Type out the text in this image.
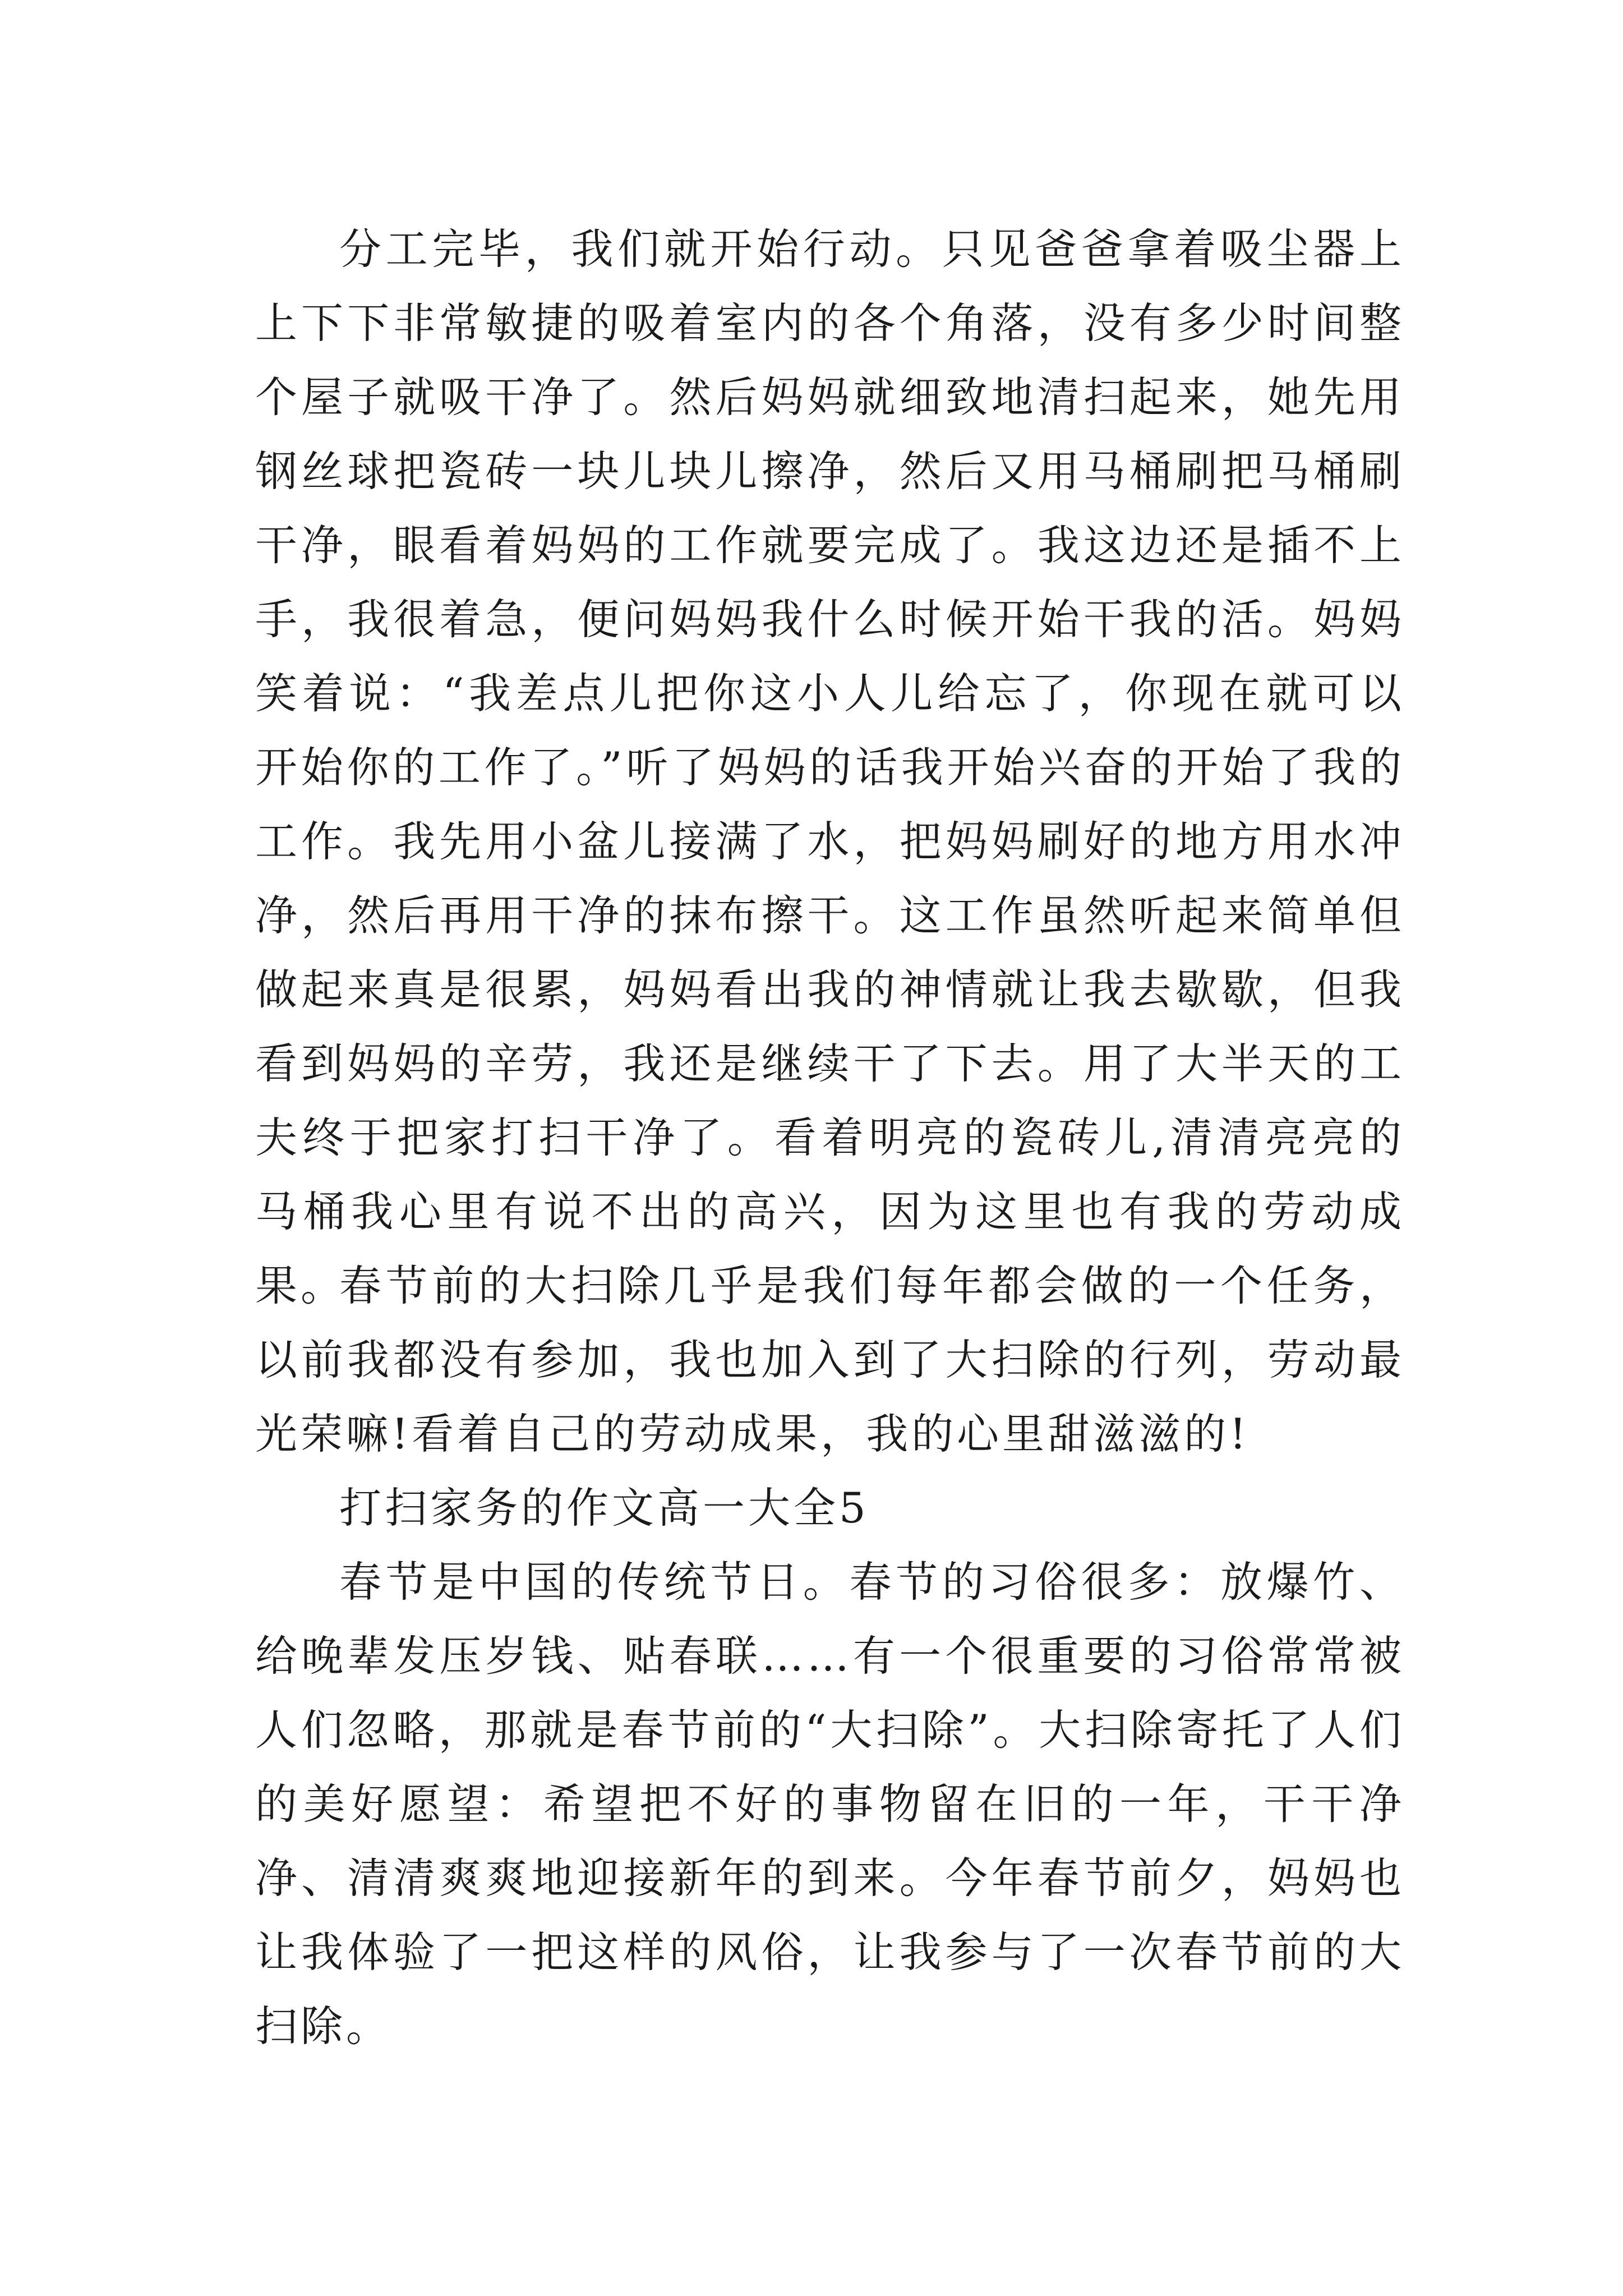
分工完毕，我们就开始行动。只见爸爸拿着吸尘器上上下下非常敏捷的吸着室内的各个角落，没有多少时间整个屋子就吸干净了。然后妈妈就细致地清扫起来，她先用钢丝球把瓷砖一块儿块儿擦净，然后又用马桶刷把马桶刷干净，眼看着妈妈的工作就要完成了。我这边还是插不上手，我很着急，便问妈妈我什么时候开始干我的活。妈妈笑着说：“我差点儿把你这小人儿给忘了，你现在就可以开始你的工作了。”听了妈妈的话我开始兴奋的开始了我的工作。我先用小盆儿接满了水，把妈妈刷好的地方用水冲净，然后再用干净的抹布擦干。这工作虽然听起来简单但做起来真是很累，妈妈看出我的神情就让我去歇歇，但我看到妈妈的辛劳，我还是继续干了下去。用了大半天的工夫终于把家打扫干净了。看着明亮的瓷砖儿,清清亮亮的马桶我心里有说不出的高兴，因为这里也有我的劳动成果。

春节前的大扫除几乎是我们每年都会做的一个任务，以前我都没有参加，我也加入到了大扫除的行列，劳动最光荣嘛!看着自己的劳动成果，我的心里甜滋滋的!

打扫家务的作文高一大全5

春节是中国的传统节日。春节的习俗很多：放爆竹、给晚辈发压岁钱、贴春联……有一个很重要的习俗常常被人们忽略，那就是春节前的“大扫除”。大扫除寄托了人们的美好愿望：希望把不好的事物留在旧的一年，干干净净、清清爽爽地迎接新年的到来。今年春节前夕，妈妈也让我体验了一把这样的风俗，让我参与了一次春节前的大扫除。
